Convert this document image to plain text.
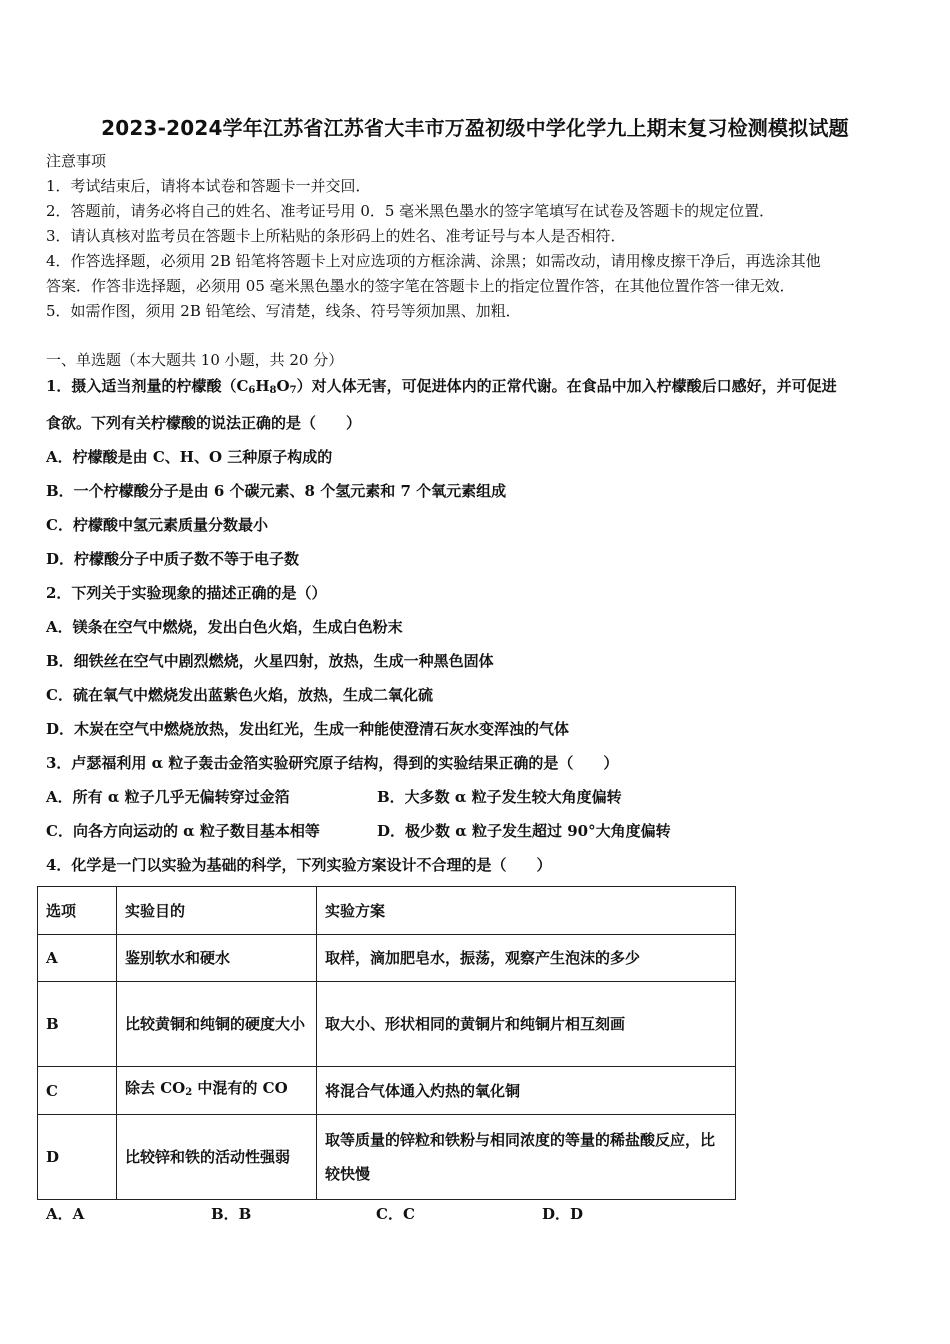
2023-2024学年江苏省江苏省大丰市万盈初级中学化学九上期末复习检测模拟试题
注意事项
1．考试结束后，请将本试卷和答题卡一并交回．
2．答题前，请务必将自己的姓名、准考证号用 0．5 毫米黑色墨水的签字笔填写在试卷及答题卡的规定位置．
3．请认真核对监考员在答题卡上所粘贴的条形码上的姓名、准考证号与本人是否相符．
4．作答选择题，必须用 2B 铅笔将答题卡上对应选项的方框涂满、涂黑；如需改动，请用橡皮擦干净后，再选涂其他
答案．作答非选择题，必须用 05 毫米黑色墨水的签字笔在答题卡上的指定位置作答，在其他位置作答一律无效．
5．如需作图，须用 2B 铅笔绘、写清楚，线条、符号等须加黑、加粗．
一、单选题（本大题共 10 小题，共 20 分）
1．摄入适当剂量的柠檬酸$(C_6H_8O_7)$对人体无害，可促进体内的正常代谢。在食品中加入柠檬酸后口感好，并可促进
食欲。下列有关柠檬酸的说法正确的是（　　）
A．柠檬酸是由 C、H、O 三种原子构成的
B．一个柠檬酸分子是由 6 个碳元素、8 个氢元素和 7 个氧元素组成
C．柠檬酸中氢元素质量分数最小
D．柠檬酸分子中质子数不等于电子数
2．下列关于实验现象的描述正确的是（）
A．镁条在空气中燃烧，发出白色火焰，生成白色粉末
B．细铁丝在空气中剧烈燃烧，火星四射，放热，生成一种黑色固体
C．硫在氧气中燃烧发出蓝紫色火焰，放热，生成二氧化硫
D．木炭在空气中燃烧放热，发出红光，生成一种能使澄清石灰水变浑浊的气体
3．卢瑟福利用 α 粒子轰击金箔实验研究原子结构，得到的实验结果正确的是（　　）
A．所有 α 粒子几乎无偏转穿过金箔	B．大多数 α 粒子发生较大角度偏转
C．向各方向运动的 α 粒子数目基本相等	D．极少数 α 粒子发生超过 90°大角度偏转
4．化学是一门以实验为基础的科学，下列实验方案设计不合理的是（　　）
选项	实验目的	实验方案
A	鉴别软水和硬水	取样，滴加肥皂水，振荡，观察产生泡沫的多少
B	比较黄铜和纯铜的硬度大小	取大小、形状相同的黄铜片和纯铜片相互刻画
C	除去 $CO_2$ 中混有的 CO	将混合气体通入灼热的氧化铜
D	比较锌和铁的活动性强弱	取等质量的锌粒和铁粉与相同浓度的等量的稀盐酸反应，比较快慢
A．A	B．B	C．C	D．D
